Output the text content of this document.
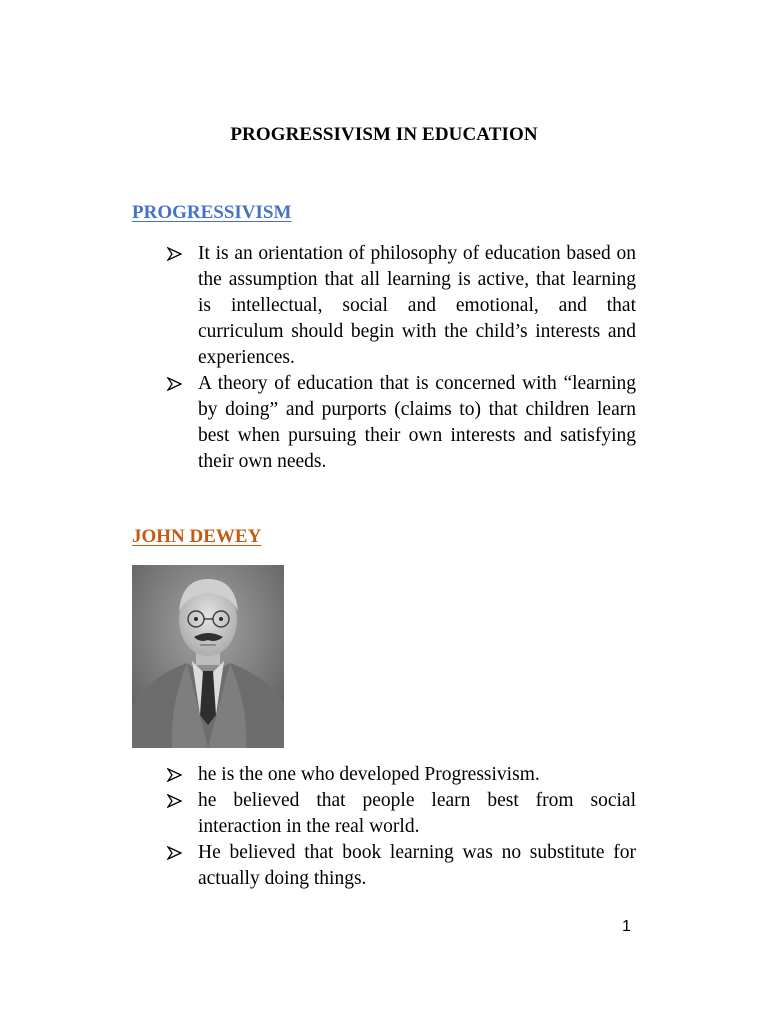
PROGRESSIVISM IN EDUCATION
PROGRESSIVISM
It is an orientation of philosophy of education based on the assumption that all learning is active, that learning is intellectual, social and emotional, and that curriculum should begin with the child’s interests and experiences.
A theory of education that is concerned with “learning by doing” and purports (claims to) that children learn best when pursuing their own interests and satisfying their own needs.
JOHN DEWEY
he is the one who developed Progressivism.
he believed that people learn best from social interaction in the real world.
He believed that book learning was no substitute for actually doing things.
1
